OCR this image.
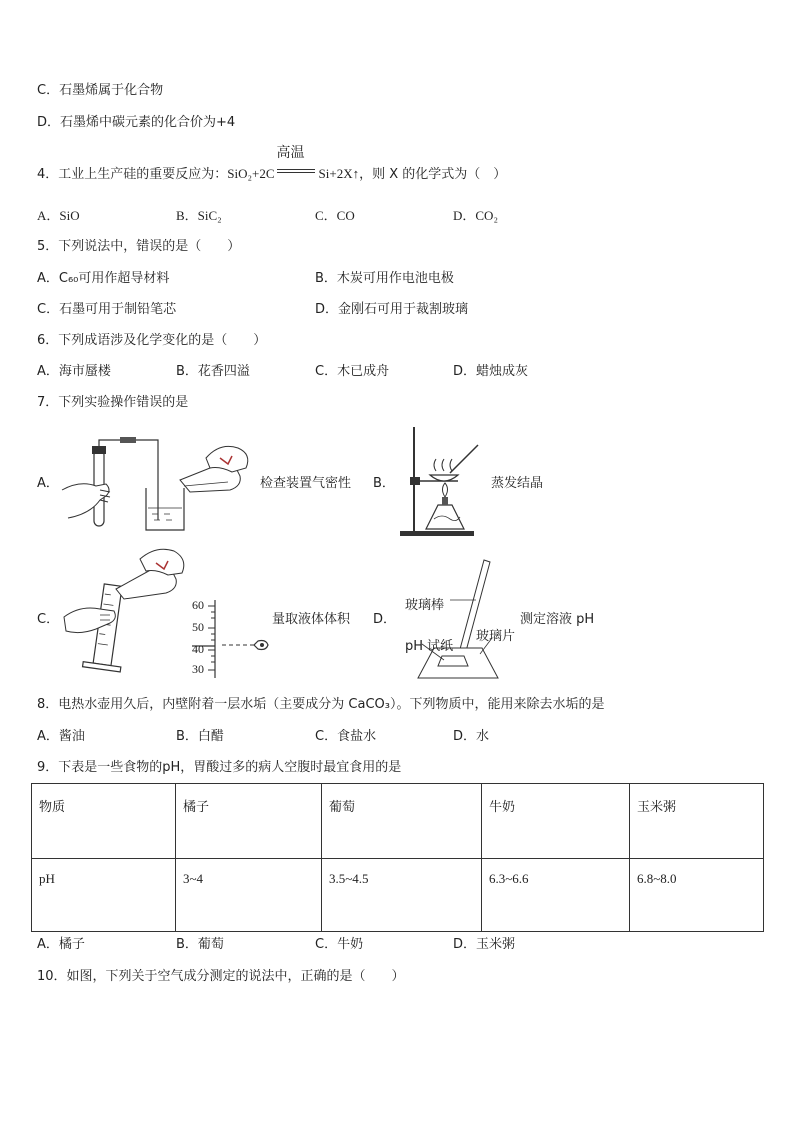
C．石墨烯属于化合物
D．石墨烯中碳元素的化合价为+4
4．工业上生产硅的重要反应为：SiO₂+2C
高温
Si+2X↑，则 X 的化学式为（　）
A．SiO	B．SiC₂	C．CO	D．CO₂
5．下列说法中，错误的是（　　）
A．C₆₀可用作超导材料	B．木炭可用作电池电极
C．石墨可用于制铅笔芯	D．金刚石可用于裁割玻璃
6．下列成语涉及化学变化的是（　　）
A．海市蜃楼	B．花香四溢	C．木已成舟	D．蜡烛成灰
7．下列实验操作错误的是
A．	检查装置气密性 B．	蒸发结晶
C．
60
50
40
30
量取液体体积 D．
玻璃棒
pH 试纸
玻璃片
测定溶液 pH
8．电热水壶用久后，内壁附着一层水垢（主要成分为 CaCO₃）。下列物质中，能用来除去水垢的是
A．酱油	B．白醋	C．食盐水	D．水
9．下表是一些食物的pH，胃酸过多的病人空腹时最宜食用的是
物质	橘子	葡萄	牛奶	玉米粥
pH	3~4	3.5~4.5	6.3~6.6	6.8~8.0
A．橘子	B．葡萄	C．牛奶	D．玉米粥
10．如图，下列关于空气成分测定的说法中，正确的是（　　）
